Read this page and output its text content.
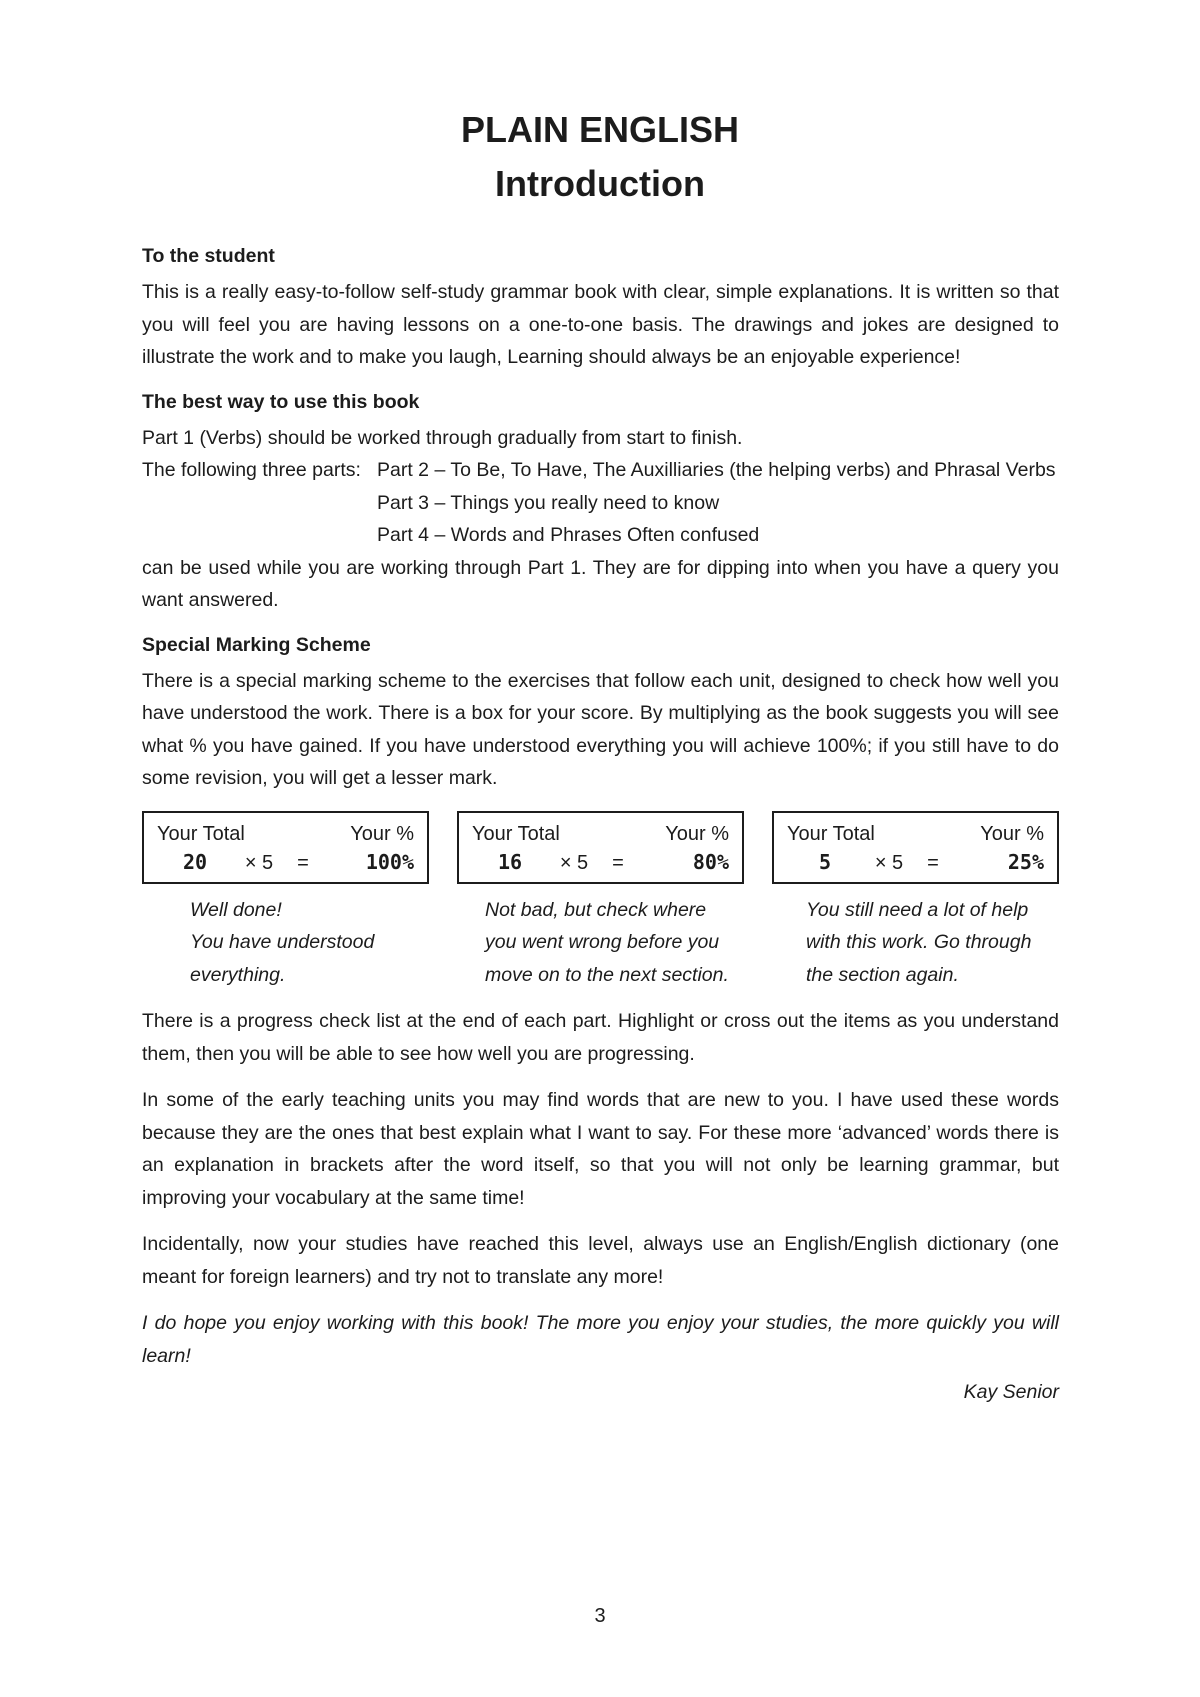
PLAIN ENGLISH
Introduction
To the student

This is a really easy-to-follow self-study grammar book with clear, simple explanations. It is written so that you will feel you are having lessons on a one-to-one basis. The drawings and jokes are designed to illustrate the work and to make you laugh, Learning should always be an enjoyable experience!

The best way to use this book

Part 1 (Verbs) should be worked through gradually from start to finish.

The following three parts: Part 2 – To Be, To Have, The Auxilliaries (the helping verbs) and Phrasal Verbs
Part 3 – Things you really need to know
Part 4 – Words and Phrases Often confused

can be used while you are working through Part 1. They are for dipping into when you have a query you want answered.

Special Marking Scheme

There is a special marking scheme to the exercises that follow each unit, designed to check how well you have understood the work. There is a box for your score. By multiplying as the book suggests you will see what % you have gained. If you have understood everything you will achieve 100%; if you still have to do some revision, you will get a lesser mark.

Your Total	Your %
20	× 5	=	100%
Well done!
You have understood
everything.
Your Total	Your %
16	× 5	=	80%
Not bad, but check where
you went wrong before you
move on to the next section.
Your Total	Your %
5	× 5	=	25%
You still need a lot of help
with this work. Go through
the section again.

There is a progress check list at the end of each part. Highlight or cross out the items as you understand them, then you will be able to see how well you are progressing.

In some of the early teaching units you may find words that are new to you. I have used these words because they are the ones that best explain what I want to say. For these more ‘advanced’ words there is an explanation in brackets after the word itself, so that you will not only be learning grammar, but improving your vocabulary at the same time!

Incidentally, now your studies have reached this level, always use an English/English dictionary (one meant for foreign learners) and try not to translate any more!

I do hope you enjoy working with this book! The more you enjoy your studies, the more quickly you will learn!

Kay Senior
3
